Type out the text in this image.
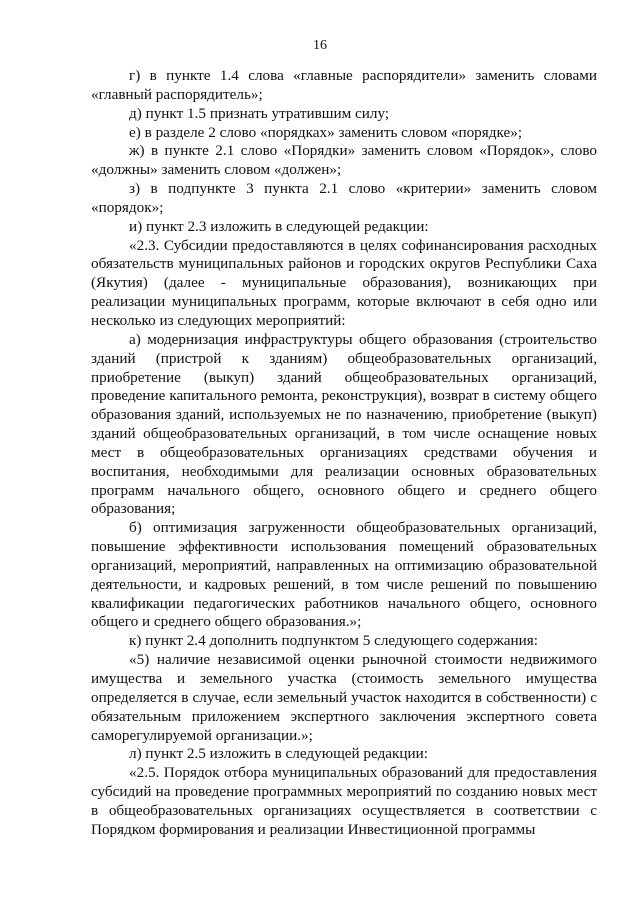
16

г) в пункте 1.4 слова «главные распорядители» заменить словами «главный распорядитель»;

д) пункт 1.5 признать утратившим силу;

е) в разделе 2 слово «порядках» заменить словом «порядке»;

ж) в пункте 2.1 слово «Порядки» заменить словом «Порядок», слово «должны» заменить словом «должен»;

з) в подпункте 3 пункта 2.1 слово «критерии» заменить словом «порядок»;

и) пункт 2.3 изложить в следующей редакции:

«2.3. Субсидии предоставляются в целях софинансирования расходных обязательств муниципальных районов и городских округов Республики Саха (Якутия) (далее - муниципальные образования), возникающих при реализации муниципальных программ, которые включают в себя одно или несколько из следующих мероприятий:

а) модернизация инфраструктуры общего образования (строительство зданий (пристрой к зданиям) общеобразовательных организаций, приобретение (выкуп) зданий общеобразовательных организаций, проведение капитального ремонта, реконструкция), возврат в систему общего образования зданий, используемых не по назначению, приобретение (выкуп) зданий общеобразовательных организаций, в том числе оснащение новых мест в общеобразовательных организациях средствами обучения и воспитания, необходимыми для реализации основных образовательных программ начального общего, основного общего и среднего общего образования;

б) оптимизация загруженности общеобразовательных организаций, повышение эффективности использования помещений образовательных организаций, мероприятий, направленных на оптимизацию образовательной деятельности, и кадровых решений, в том числе решений по повышению квалификации педагогических работников начального общего, основного общего и среднего общего образования.»;

к) пункт 2.4 дополнить подпунктом 5 следующего содержания:

«5) наличие независимой оценки рыночной стоимости недвижимого имущества и земельного участка (стоимость земельного имущества определяется в случае, если земельный участок находится в собственности) с обязательным приложением экспертного заключения экспертного совета саморегулируемой организации.»;

л) пункт 2.5 изложить в следующей редакции:

«2.5. Порядок отбора муниципальных образований для предоставления субсидий на проведение программных мероприятий по созданию новых мест в общеобразовательных организациях осуществляется в соответствии с Порядком формирования и реализации Инвестиционной программы
